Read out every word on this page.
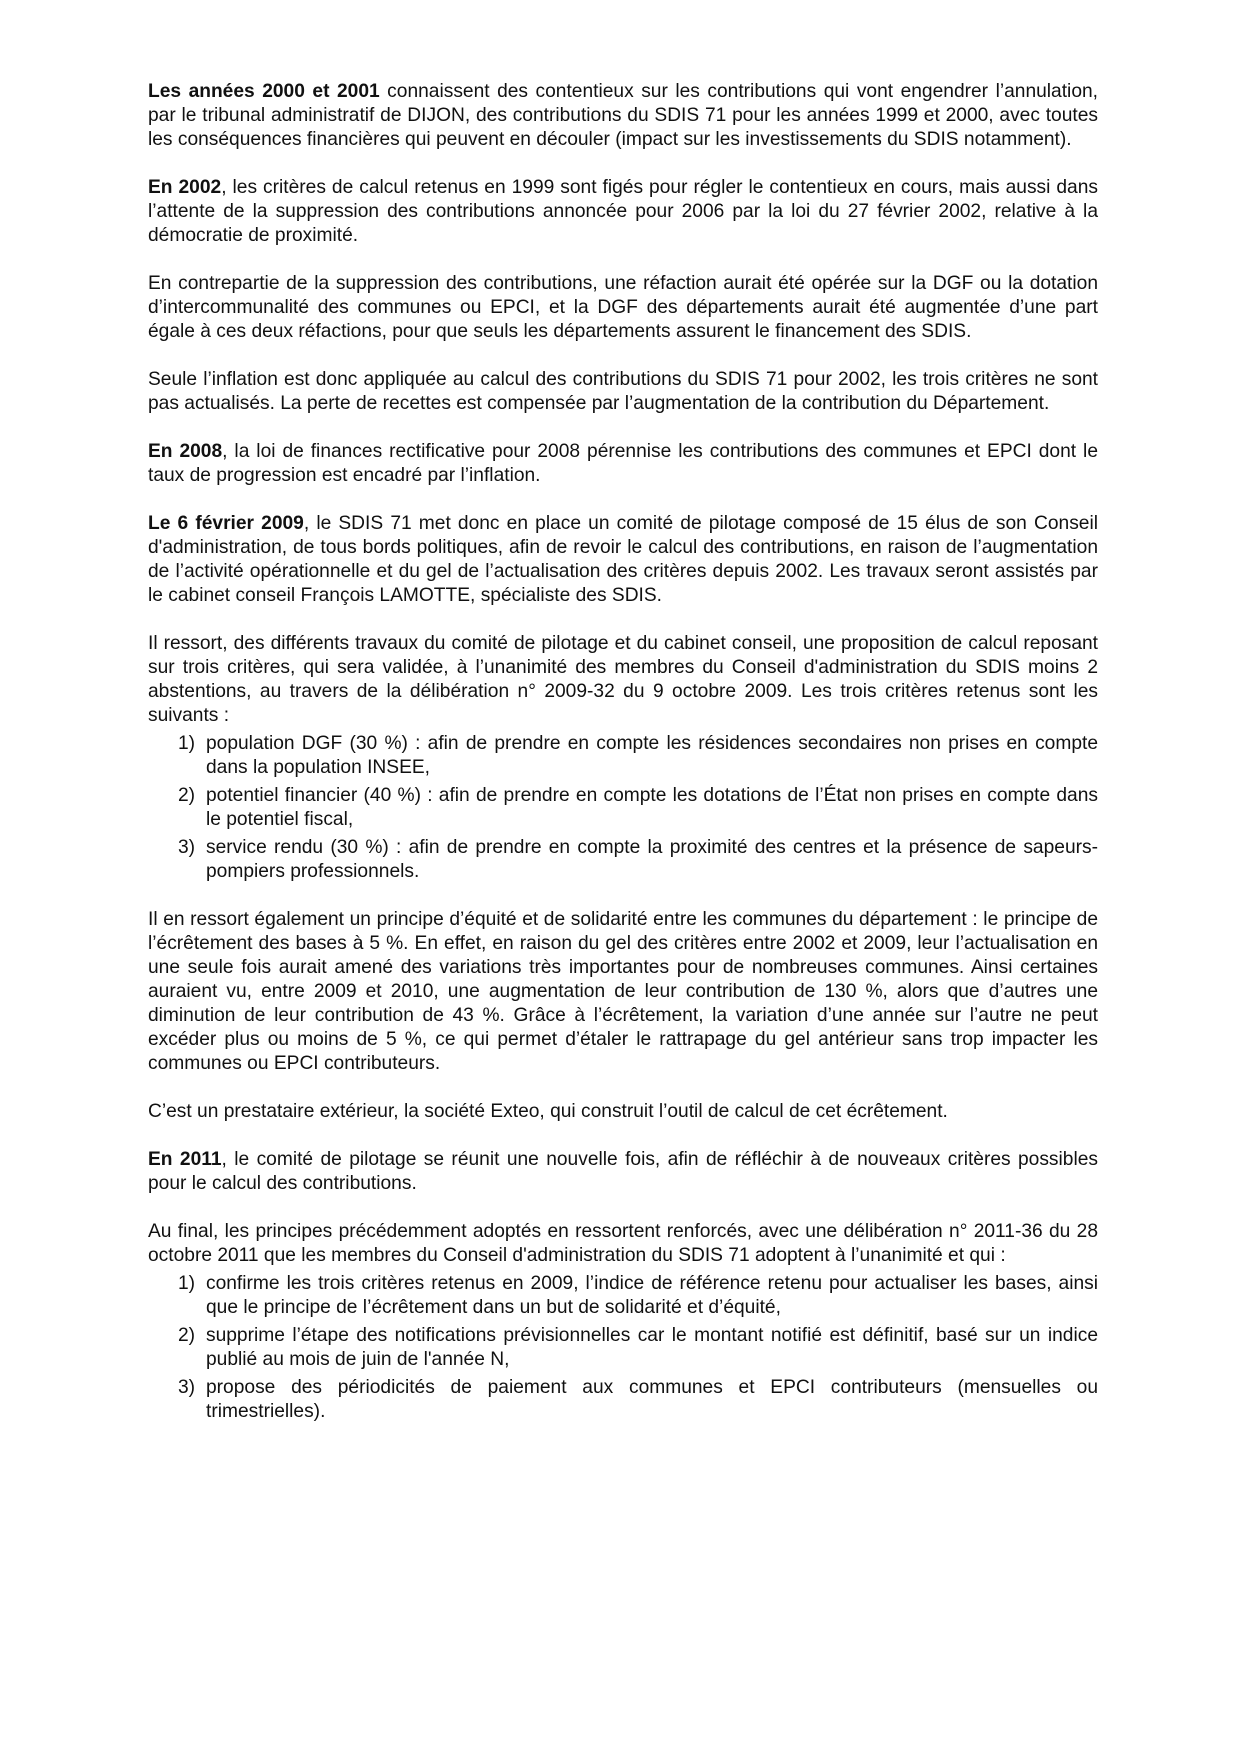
Les années 2000 et 2001 connaissent des contentieux sur les contributions qui vont engendrer l’annulation, par le tribunal administratif de DIJON, des contributions du SDIS 71 pour les années 1999 et 2000, avec toutes les conséquences financières qui peuvent en découler (impact sur les investissements du SDIS notamment).

En 2002, les critères de calcul retenus en 1999 sont figés pour régler le contentieux en cours, mais aussi dans l’attente de la suppression des contributions annoncée pour 2006 par la loi du 27 février 2002, relative à la démocratie de proximité.

En contrepartie de la suppression des contributions, une réfaction aurait été opérée sur la DGF ou la dotation d’intercommunalité des communes ou EPCI, et la DGF des départements aurait été augmentée d’une part égale à ces deux réfactions, pour que seuls les départements assurent le financement des SDIS.

Seule l’inflation est donc appliquée au calcul des contributions du SDIS 71 pour 2002, les trois critères ne sont pas actualisés. La perte de recettes est compensée par l’augmentation de la contribution du Département.

En 2008, la loi de finances rectificative pour 2008 pérennise les contributions des communes et EPCI dont le taux de progression est encadré par l’inflation.

Le 6 février 2009, le SDIS 71 met donc en place un comité de pilotage composé de 15 élus de son Conseil d'administration, de tous bords politiques, afin de revoir le calcul des contributions, en raison de l’augmentation de l’activité opérationnelle et du gel de l’actualisation des critères depuis 2002. Les travaux seront assistés par le cabinet conseil François LAMOTTE, spécialiste des SDIS.

Il ressort, des différents travaux du comité de pilotage et du cabinet conseil, une proposition de calcul reposant sur trois critères, qui sera validée, à l’unanimité des membres du Conseil d'administration du SDIS moins 2 abstentions, au travers de la délibération n° 2009-32 du 9 octobre 2009. Les trois critères retenus sont les suivants :

1) population DGF (30 %) : afin de prendre en compte les résidences secondaires non prises en compte dans la population INSEE,
2) potentiel financier (40 %) : afin de prendre en compte les dotations de l’État non prises en compte dans le potentiel fiscal,
3) service rendu (30 %) : afin de prendre en compte la proximité des centres et la présence de sapeurs-pompiers professionnels.

Il en ressort également un principe d’équité et de solidarité entre les communes du département : le principe de l’écrêtement des bases à 5 %. En effet, en raison du gel des critères entre 2002 et 2009, leur l’actualisation en une seule fois aurait amené des variations très importantes pour de nombreuses communes. Ainsi certaines auraient vu, entre 2009 et 2010, une augmentation de leur contribution de 130 %, alors que d’autres une diminution de leur contribution de 43 %. Grâce à l’écrêtement, la variation d’une année sur l’autre ne peut excéder plus ou moins de 5 %, ce qui permet d’étaler le rattrapage du gel antérieur sans trop impacter les communes ou EPCI contributeurs.

C’est un prestataire extérieur, la société Exteo, qui construit l’outil de calcul de cet écrêtement.

En 2011, le comité de pilotage se réunit une nouvelle fois, afin de réfléchir à de nouveaux critères possibles pour le calcul des contributions.

Au final, les principes précédemment adoptés en ressortent renforcés, avec une délibération n° 2011-36 du 28 octobre 2011 que les membres du Conseil d'administration du SDIS 71 adoptent à l’unanimité et qui :

1) confirme les trois critères retenus en 2009, l’indice de référence retenu pour actualiser les bases, ainsi que le principe de l’écrêtement dans un but de solidarité et d’équité,
2) supprime l’étape des notifications prévisionnelles car le montant notifié est définitif, basé sur un indice publié au mois de juin de l'année N,
3) propose des périodicités de paiement aux communes et EPCI contributeurs (mensuelles ou trimestrielles).
